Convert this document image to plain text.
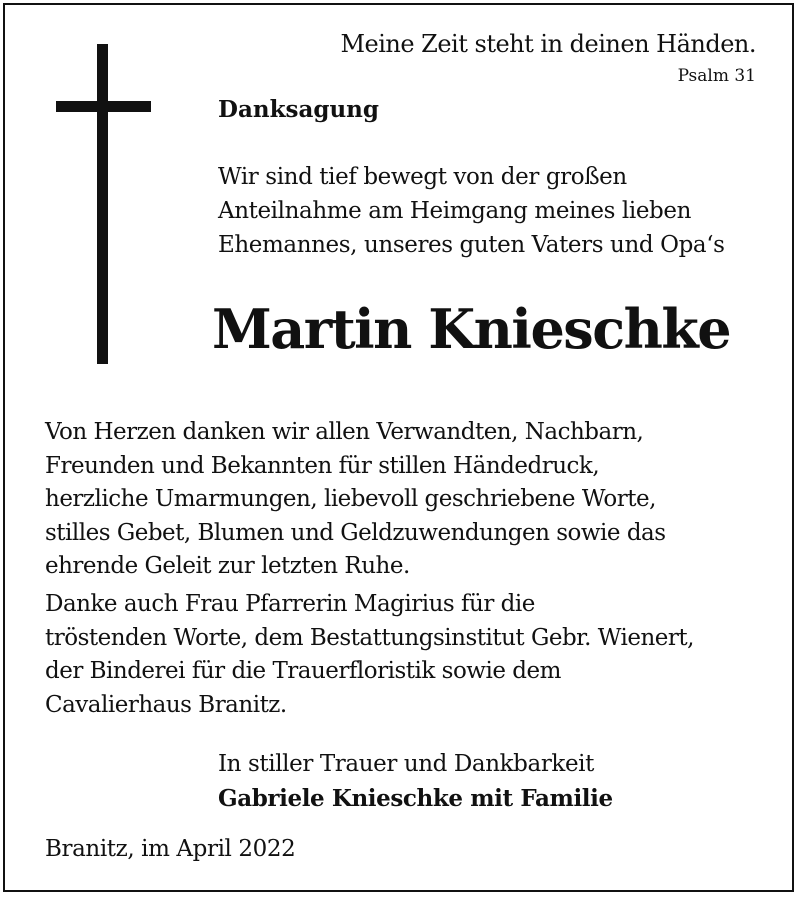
Meine Zeit steht in deinen Händen.
Psalm 31
Danksagung
Wir sind tief bewegt von der großen
Anteilnahme am Heimgang meines lieben
Ehemannes, unseres guten Vaters und Opa‘s
Martin Knieschke
Von Herzen danken wir allen Verwandten, Nachbarn,
Freunden und Bekannten für stillen Händedruck,
herzliche Umarmungen, liebevoll geschriebene Worte,
stilles Gebet, Blumen und Geldzuwendungen sowie das
ehrende Geleit zur letzten Ruhe.
Danke auch Frau Pfarrerin Magirius für die
tröstenden Worte, dem Bestattungsinstitut Gebr. Wienert,
der Binderei für die Trauerfloristik sowie dem
Cavalierhaus Branitz.
In stiller Trauer und Dankbarkeit
Gabriele Knieschke mit Familie
Branitz, im April 2022
